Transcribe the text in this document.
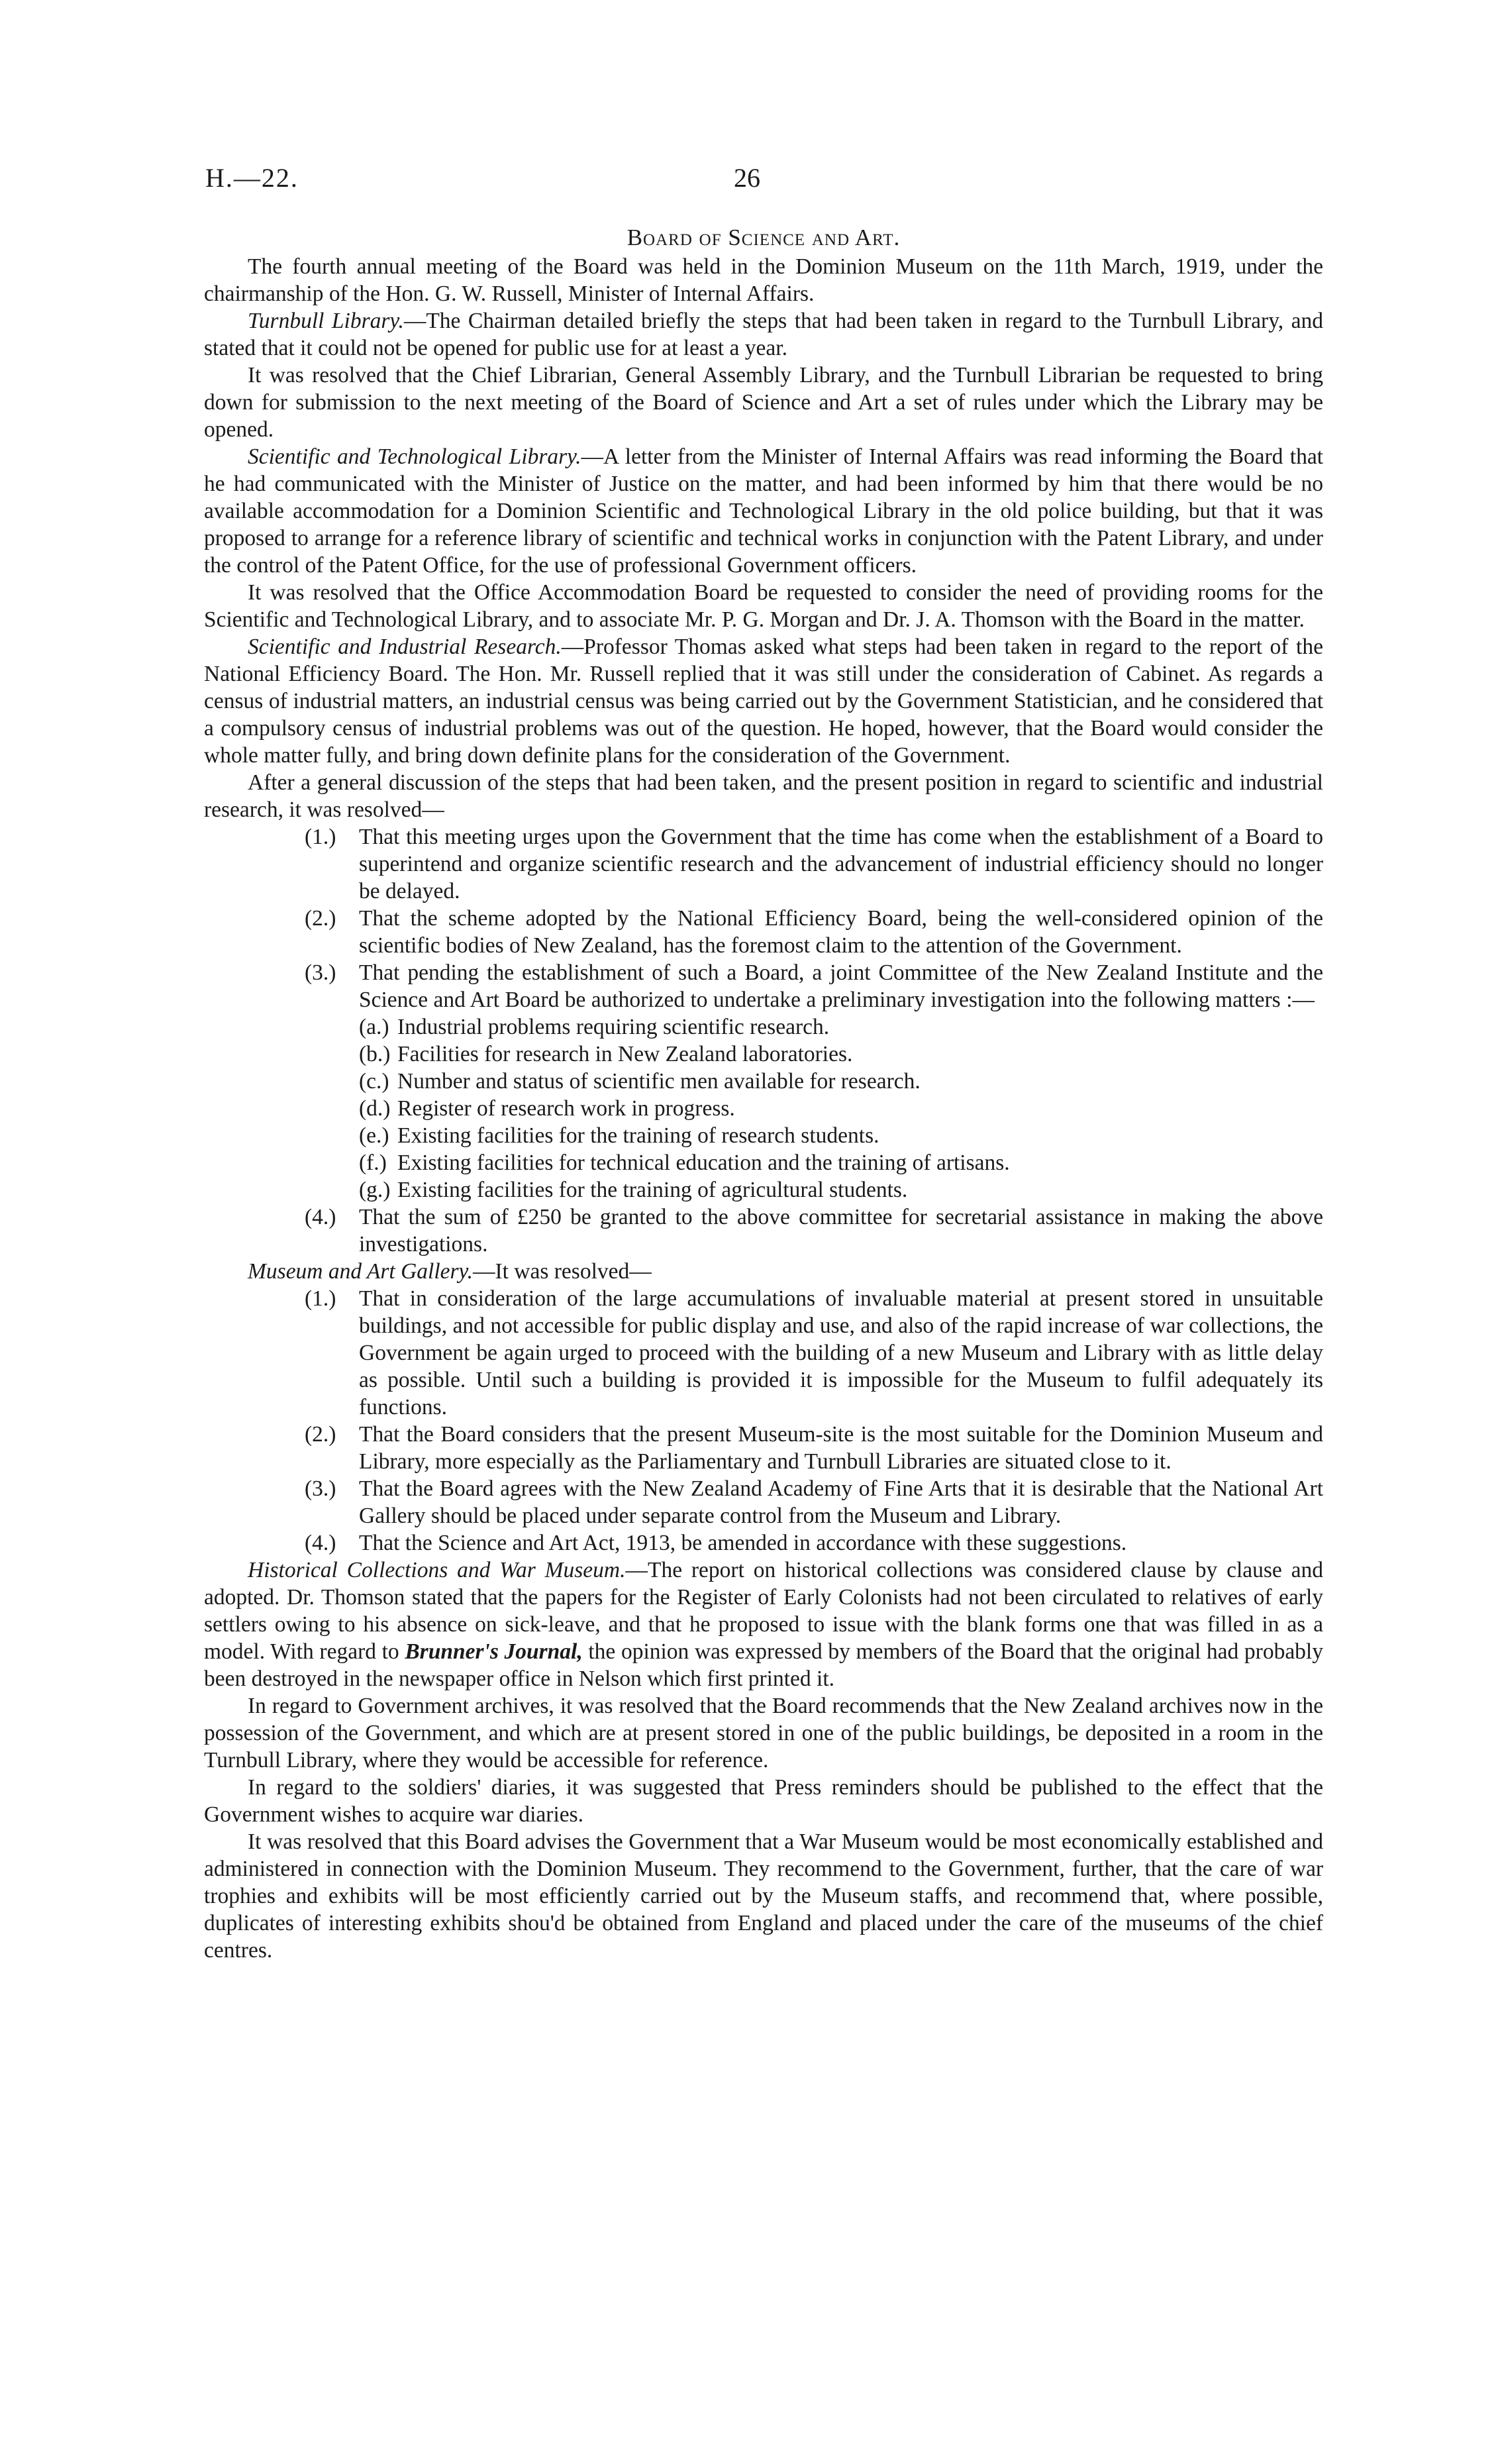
H.—22.	26
Board of Science and Art.

The fourth annual meeting of the Board was held in the Dominion Museum on the 11th March, 1919, under the chairmanship of the Hon. G. W. Russell, Minister of Internal Affairs.

Turnbull Library.—The Chairman detailed briefly the steps that had been taken in regard to the Turnbull Library, and stated that it could not be opened for public use for at least a year.

It was resolved that the Chief Librarian, General Assembly Library, and the Turnbull Librarian be requested to bring down for submission to the next meeting of the Board of Science and Art a set of rules under which the Library may be opened.

Scientific and Technological Library.—A letter from the Minister of Internal Affairs was read informing the Board that he had communicated with the Minister of Justice on the matter, and had been informed by him that there would be no available accommodation for a Dominion Scientific and Technological Library in the old police building, but that it was proposed to arrange for a reference library of scientific and technical works in conjunction with the Patent Library, and under the control of the Patent Office, for the use of professional Government officers.

It was resolved that the Office Accommodation Board be requested to consider the need of providing rooms for the Scientific and Technological Library, and to associate Mr. P. G. Morgan and Dr. J. A. Thomson with the Board in the matter.

Scientific and Industrial Research.—Professor Thomas asked what steps had been taken in regard to the report of the National Efficiency Board. The Hon. Mr. Russell replied that it was still under the consideration of Cabinet. As regards a census of industrial matters, an industrial census was being carried out by the Government Statistician, and he considered that a compulsory census of industrial problems was out of the question. He hoped, however, that the Board would consider the whole matter fully, and bring down definite plans for the consideration of the Government.

After a general discussion of the steps that had been taken, and the present position in regard to scientific and industrial research, it was resolved—

(1.)	That this meeting urges upon the Government that the time has come when the establishment of a Board to superintend and organize scientific research and the advancement of industrial efficiency should no longer be delayed.
(2.)	That the scheme adopted by the National Efficiency Board, being the well-considered opinion of the scientific bodies of New Zealand, has the foremost claim to the attention of the Government.
(3.)	That pending the establishment of such a Board, a joint Committee of the New Zealand Institute and the Science and Art Board be authorized to undertake a preliminary investigation into the following matters :—
(a.) Industrial problems requiring scientific research.
(b.) Facilities for research in New Zealand laboratories.
(c.) Number and status of scientific men available for research.
(d.) Register of research work in progress.
(e.) Existing facilities for the training of research students.
(f.) Existing facilities for technical education and the training of artisans.
(g.) Existing facilities for the training of agricultural students.
(4.)	That the sum of £250 be granted to the above committee for secretarial assistance in making the above investigations.

Museum and Art Gallery.—It was resolved—

(1.)	That in consideration of the large accumulations of invaluable material at present stored in unsuitable buildings, and not accessible for public display and use, and also of the rapid increase of war collections, the Government be again urged to proceed with the building of a new Museum and Library with as little delay as possible. Until such a building is provided it is impossible for the Museum to fulfil adequately its functions.
(2.)	That the Board considers that the present Museum-site is the most suitable for the Dominion Museum and Library, more especially as the Parliamentary and Turnbull Libraries are situated close to it.
(3.)	That the Board agrees with the New Zealand Academy of Fine Arts that it is desirable that the National Art Gallery should be placed under separate control from the Museum and Library.
(4.)	That the Science and Art Act, 1913, be amended in accordance with these suggestions.

Historical Collections and War Museum.—The report on historical collections was considered clause by clause and adopted. Dr. Thomson stated that the papers for the Register of Early Colonists had not been circulated to relatives of early settlers owing to his absence on sick-leave, and that he proposed to issue with the blank forms one that was filled in as a model. With regard to Brunner's Journal, the opinion was expressed by members of the Board that the original had probably been destroyed in the newspaper office in Nelson which first printed it.

In regard to Government archives, it was resolved that the Board recommends that the New Zealand archives now in the possession of the Government, and which are at present stored in one of the public buildings, be deposited in a room in the Turnbull Library, where they would be accessible for reference.

In regard to the soldiers' diaries, it was suggested that Press reminders should be published to the effect that the Government wishes to acquire war diaries.

It was resolved that this Board advises the Government that a War Museum would be most economically established and administered in connection with the Dominion Museum. They recommend to the Government, further, that the care of war trophies and exhibits will be most efficiently carried out by the Museum staffs, and recommend that, where possible, duplicates of interesting exhibits shou'd be obtained from England and placed under the care of the museums of the chief centres.
